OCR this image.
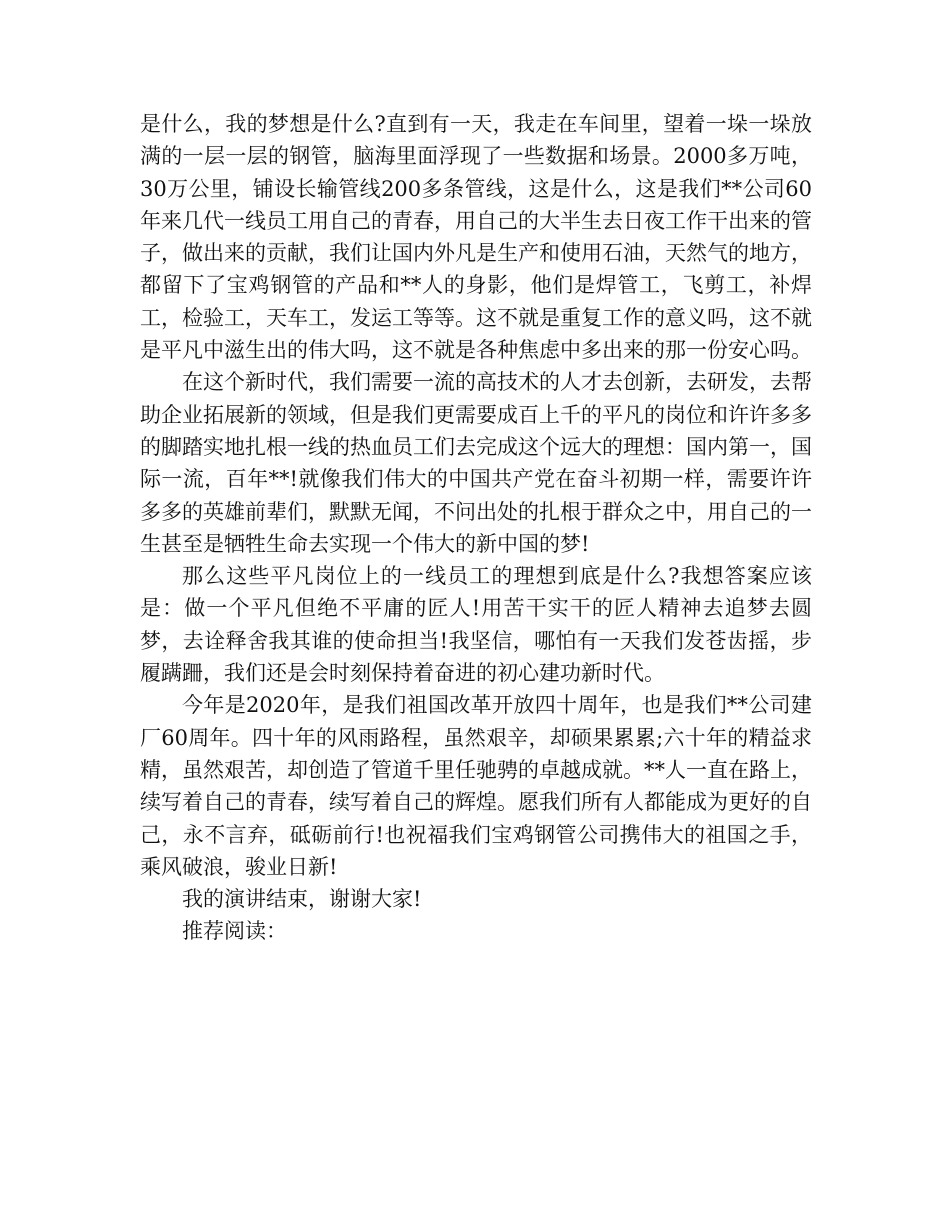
是什么，我的梦想是什么?直到有一天，我走在车间里，望着一垛一垛放满的一层一层的钢管，脑海里面浮现了一些数据和场景。2000多万吨，30万公里，铺设长输管线200多条管线，这是什么，这是我们**公司60年来几代一线员工用自己的青春，用自己的大半生去日夜工作干出来的管子，做出来的贡献，我们让国内外凡是生产和使用石油，天然气的地方，都留下了宝鸡钢管的产品和**人的身影，他们是焊管工，飞剪工，补焊工，检验工，天车工，发运工等等。这不就是重复工作的意义吗，这不就是平凡中滋生出的伟大吗，这不就是各种焦虑中多出来的那一份安心吗。

在这个新时代，我们需要一流的高技术的人才去创新，去研发，去帮助企业拓展新的领域，但是我们更需要成百上千的平凡的岗位和许许多多的脚踏实地扎根一线的热血员工们去完成这个远大的理想：国内第一，国际一流，百年**!就像我们伟大的中国共产党在奋斗初期一样，需要许许多多的英雄前辈们，默默无闻，不问出处的扎根于群众之中，用自己的一生甚至是牺牲生命去实现一个伟大的新中国的梦!

那么这些平凡岗位上的一线员工的理想到底是什么?我想答案应该是：做一个平凡但绝不平庸的匠人!用苦干实干的匠人精神去追梦去圆梦，去诠释舍我其谁的使命担当!我坚信，哪怕有一天我们发苍齿摇，步履蹒跚，我们还是会时刻保持着奋进的初心建功新时代。

今年是2020年，是我们祖国改革开放四十周年，也是我们**公司建厂60周年。四十年的风雨路程，虽然艰辛，却硕果累累;六十年的精益求精，虽然艰苦，却创造了管道千里任驰骋的卓越成就。**人一直在路上，续写着自己的青春，续写着自己的辉煌。愿我们所有人都能成为更好的自己，永不言弃，砥砺前行!也祝福我们宝鸡钢管公司携伟大的祖国之手，乘风破浪，骏业日新!

我的演讲结束，谢谢大家!

推荐阅读：
